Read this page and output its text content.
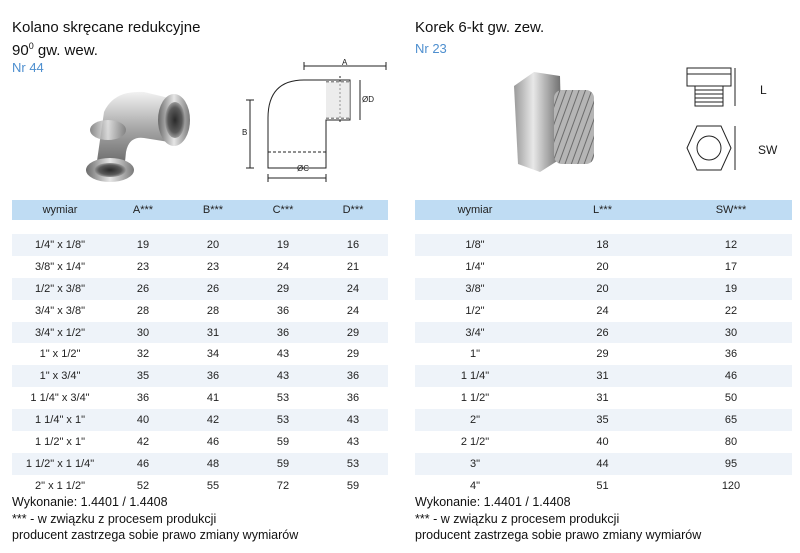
Kolano skręcane redukcyjne

$90^0$ gw. wew.

Nr 44	A
B
ØC
ØD
wymiar	A***	B***	C***	D***

1/4" x 1/8"	19	20	19	16
3/8" x 1/4"	23	23	24	21
1/2" x 3/8"	26	26	29	24
3/4" x 3/8"	28	28	36	24
3/4" x 1/2"	30	31	36	29
1" x 1/2"	32	34	43	29
1" x 3/4"	35	36	43	36
1 1/4" x 3/4"	36	41	53	36
1 1/4" x 1"	40	42	53	43
1 1/2" x 1"	42	46	59	43
1 1/2" x 1 1/4"	46	48	59	53
2" x 1 1/2"	52	55	72	59
Wykonanie: 1.4401 / 1.4408
*** - w związku z procesem produkcji
producent zastrzega sobie prawo zmiany wymiarów

Korek 6-kt gw. zew.

Nr 23
L
SW
wymiar	L***	SW***

1/8"	18	12
1/4"	20	17
3/8"	20	19
1/2"	24	22
3/4"	26	30
1"	29	36
1 1/4"	31	46
1 1/2"	31	50
2"	35	65
2 1/2"	40	80
3"	44	95
4"	51	120
Wykonanie: 1.4401 / 1.4408
*** - w związku z procesem produkcji
producent zastrzega sobie prawo zmiany wymiarów
